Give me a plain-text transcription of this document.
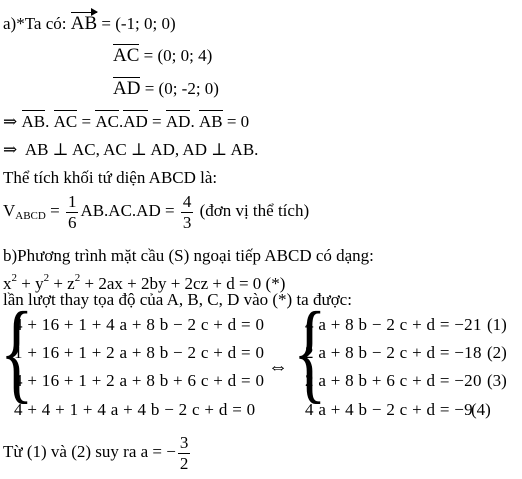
a)*Ta có: AB = (-1; 0; 0)
AC = (0; 0; 4)
AD = (0; -2; 0)
⇒ AB. AC = AC.AD = AD. AB = 0
⇒ AB ⊥ AC, AC ⊥ AD, AD ⊥ AB.
Thể tích khối tứ diện ABCD là:
$V_{ABCD} = \frac{1}{6} AB.AC.AD = \frac{4}{3}$ (đơn vị thể tích)
b)Phương trình mặt cầu (S) ngoại tiếp ABCD có dạng:
$x^2 + y^2 + z^2 + 2ax + 2by + 2cz + d = 0$ (*)
lần lượt thay tọa độ của A, B, C, D vào (*) ta được:
{
4 + 16 + 1 + 4 a + 8 b − 2 c + d = 0
1 + 16 + 1 + 2 a + 8 b − 2 c + d = 0
4 + 16 + 1 + 2 a + 8 b + 6 c + d = 0
4 + 4 + 1 + 4 a + 4 b − 2 c + d = 0
⇔ {
4 a + 8 b − 2 c + d = −21
2 a + 8 b − 2 c + d = −18
2 a + 8 b + 6 c + d = −20
4 a + 4 b − 2 c + d = −9
(1)
(2)
(3)
(4)
Từ (1) và (2) suy ra a = − $\frac{3}{2}$
